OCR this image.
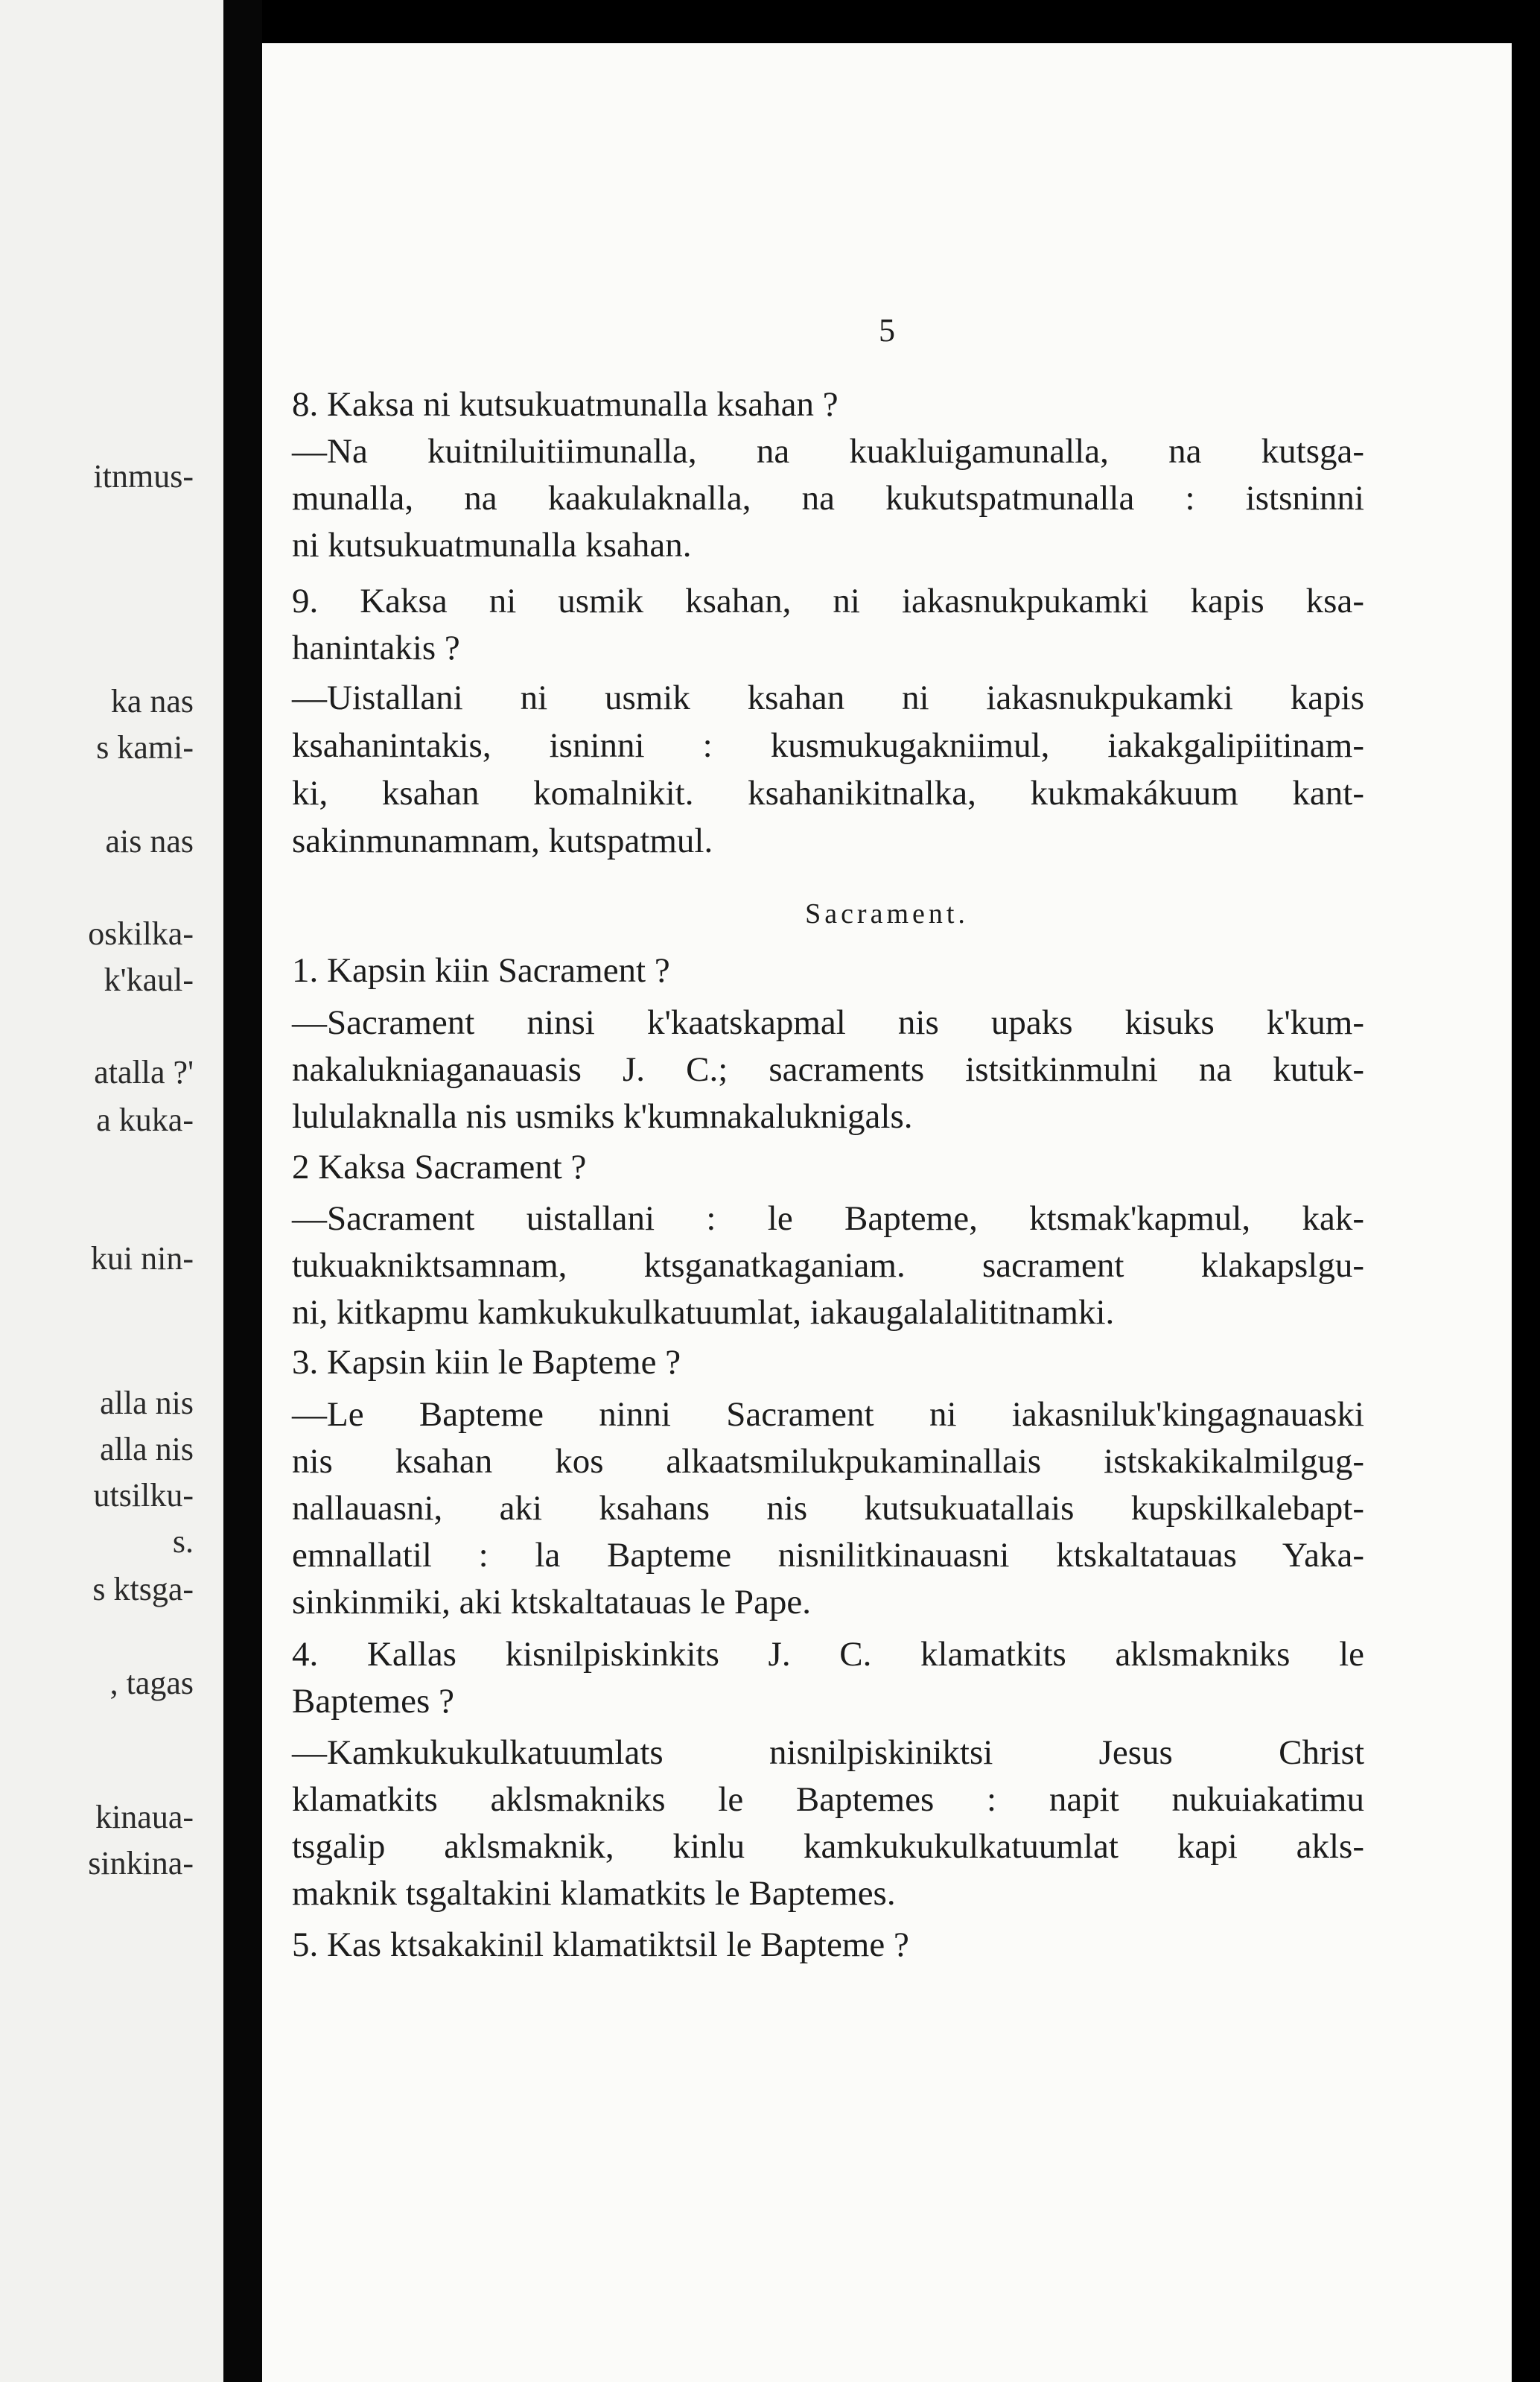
itnmus-
ka nas
s kami-
ais nas
oskilka-
k'kaul-
atalla ?'
a kuka-
kui nin-
alla nis
alla nis
utsilku-
s.
s ktsga-
, tagas
kinaua-
sinkina-
5
8. Kaksa ni kutsukuatmunalla ksahan ?
—Na kuitniluitiimunalla, na kuakluigamunalla, na kutsga-
munalla, na kaakulaknalla, na kukutspatmunalla : istsninni
ni kutsukuatmunalla ksahan.
9. Kaksa ni usmik ksahan, ni iakasnukpukamki kapis ksa-
hanintakis ?
—Uistallani ni usmik ksahan ni iakasnukpukamki kapis
ksahanintakis, isninni : kusmukugakniimul, iakakgalipiitinam-
ki, ksahan komalnikit. ksahanikitnalka, kukmakákuum kant-
sakinmunamnam, kutspatmul.
Sacrament.
1. Kapsin kiin Sacrament ?
—Sacrament ninsi k'kaatskapmal nis upaks kisuks k'kum-
nakalukniaganauasis J. C.; sacraments istsitkinmulni na kutuk-
lululaknalla nis usmiks k'kumnakaluknigals.
2 Kaksa Sacrament ?
—Sacrament uistallani : le Bapteme, ktsmak'kapmul, kak-
tukuakniktsamnam, ktsganatkaganiam. sacrament klakapslgu-
ni, kitkapmu kamkukukulkatuumlat, iakaugalalalititnamki.
3. Kapsin kiin le Bapteme ?
—Le Bapteme ninni Sacrament ni iakasniluk'kingagnauaski
nis ksahan kos alkaatsmilukpukaminallais istskakikalmilgug-
nallauasni, aki ksahans nis kutsukuatallais kupskilkalebapt-
emnallatil : la Bapteme nisnilitkinauasni ktskaltatauas Yaka-
sinkinmiki, aki ktskaltatauas le Pape.
4. Kallas kisnilpiskinkits J. C. klamatkits aklsmakniks le
Baptemes ?
—Kamkukukulkatuumlats nisnilpiskiniktsi Jesus Christ
klamatkits aklsmakniks le Baptemes : napit nukuiakatimu
tsgalip aklsmaknik, kinlu kamkukukulkatuumlat kapi akls-
maknik tsgaltakini klamatkits le Baptemes.
5. Kas ktsakakinil klamatiktsil le Bapteme ?
